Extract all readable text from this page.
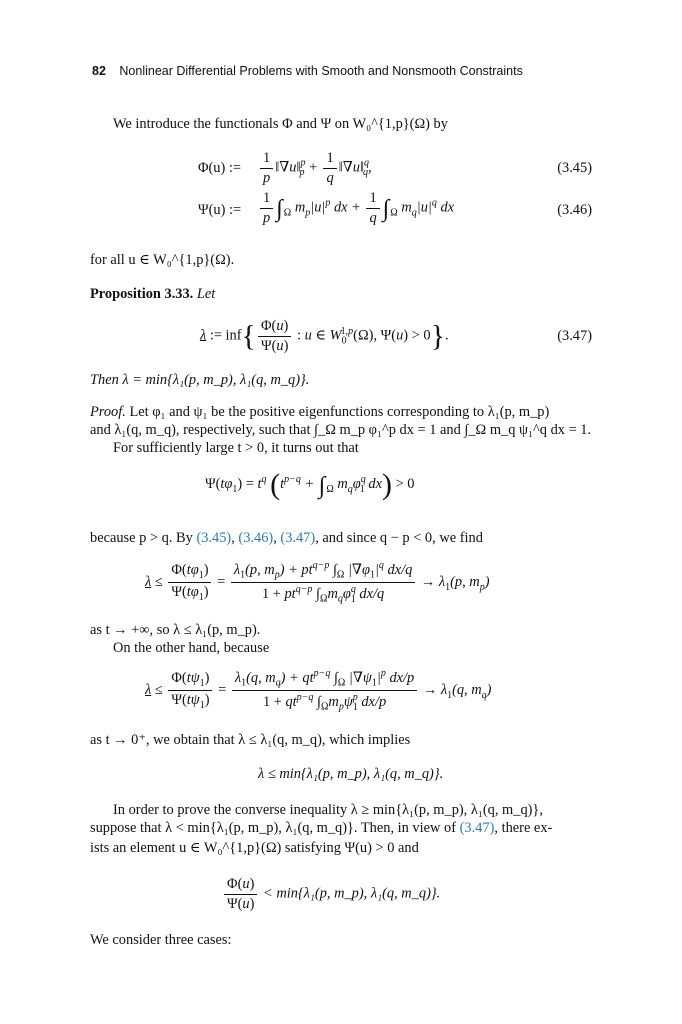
82 Nonlinear Differential Problems with Smooth and Nonsmooth Constraints
We introduce the functionals Φ and Ψ on W₀^{1,p}(Ω) by
Φ(u) := $\frac{1}{p}$ ‖∇u‖$^p_p$ + $\frac{1}{q}$ ‖∇u‖$^q_q$,	(3.45)
Ψ(u) := $\frac{1}{p} \int_\Omega$ $m_p|u|^p$ dx + $\frac{1}{q} \int_\Omega$ $m_q|u|^q$ dx	(3.46)
for all u ∈ W₀^{1,p}(Ω).
Proposition 3.33. Let
λ := $inf\{ \frac{\Phi(u)}{\Psi(u)}$ : u ∈ $W_0^{1,p}(\Omega)$, Ψ(u) > 0}.	(3.47)
Then λ = min{λ₁(p, m_p), λ₁(q, m_q)}.
Proof. Let φ₁ and ψ₁ be the positive eigenfunctions corresponding to λ₁(p, m_p)
and λ₁(q, m_q), respectively, such that ∫_Ω m_p φ₁^p dx = 1 and ∫_Ω m_q ψ₁^q dx = 1.
For sufficiently large t > 0, it turns out that
$\Psi(t\varphi_1) = t^q$ ($t^{p-q} + \int_\Omega$ $m_q\varphi^q_1$ dx) > 0
because p > q. By (3.45), (3.46), (3.47), and since q − p < 0, we find
$\lambda \le \frac{\Phi(t\varphi_1)}{\Psi(t\varphi_1)} = \frac{\lambda_1(p, m_p) + pt^{q-p} \int_\Omega |\nabla\varphi_1|^q dx/q}{1 + pt^{q-p} \int_\Omega m_q\varphi^q_1 dx/q} \to \lambda_1(p$, $m_p$)
as t → +∞, so λ ≤ λ₁(p, m_p).
On the other hand, because
$\lambda \le \frac{\Phi(t\psi_1)}{\Psi(t\psi_1)} = \frac{\lambda_1(q, m_q) + qt^{p-q} \int_\Omega |\nabla\psi_1|^p dx/p}{1 + qt^{p-q} \int_\Omega m_p\psi^p_1 dx/p} \to \lambda_1(q$, $m_q$)
as t → 0⁺, we obtain that λ ≤ λ₁(q, m_q), which implies
λ ≤ min{λ₁(p, m_p), λ₁(q, m_q)}.
In order to prove the converse inequality λ ≥ min{λ₁(p, m_p), λ₁(q, m_q)},
suppose that λ < min{λ₁(p, m_p), λ₁(q, m_q)}. Then, in view of (3.47), there ex-
ists an element u ∈ W₀^{1,p}(Ω) satisfying Ψ(u) > 0 and
$\frac{\Phi(u)}{\Psi(u)} < \min\{\lambda_1(p$, m_p), λ₁(q, m_q)}.
We consider three cases:
